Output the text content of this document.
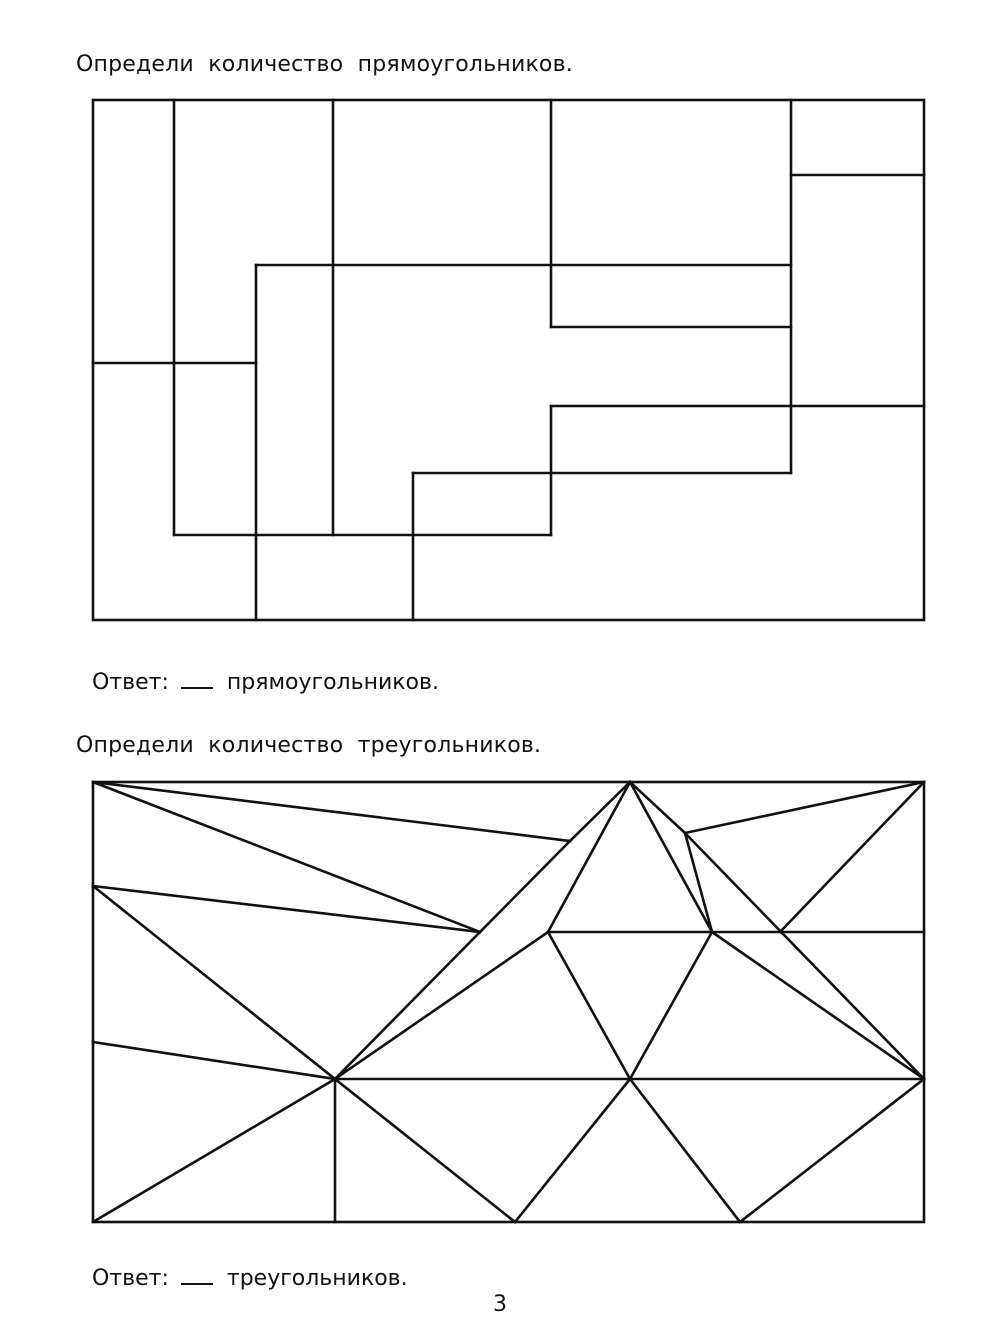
Определи  количество  прямоугольников.

Ответ:	прямоугольников.

Определи  количество  треугольников.

Ответ:	треугольников.

3
